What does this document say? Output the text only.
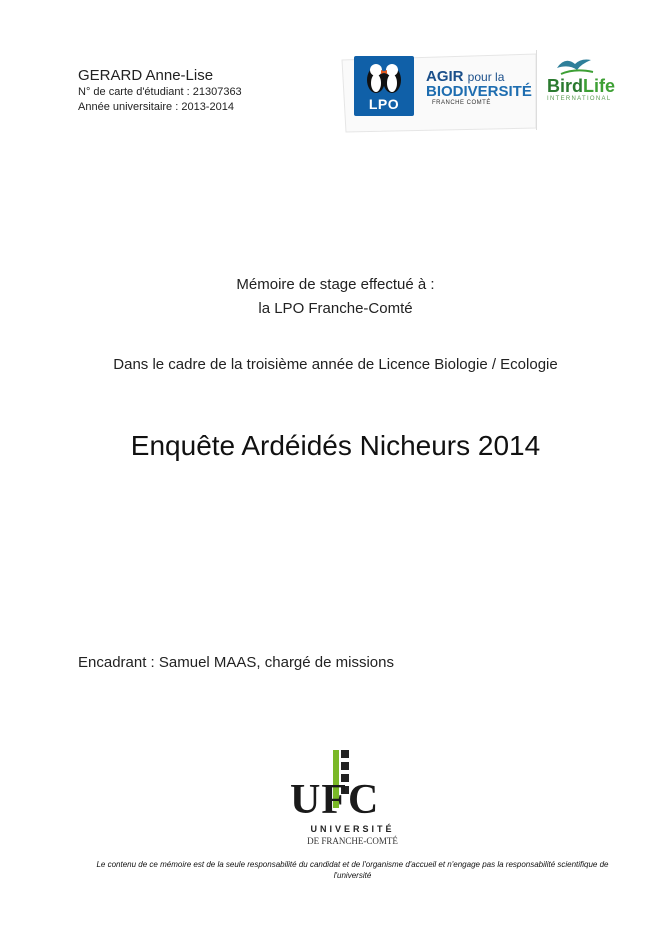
GERARD Anne-Lise
N° de carte d'étudiant : 21307363
Année universitaire : 2013-2014	LPO
AGIR pour la
BIODIVERSITÉ
FRANCHE COMTÉ
BirdLife
INTERNATIONAL
Mémoire de stage effectué à :
la LPO Franche-Comté
Dans le cadre de la troisième année de Licence Biologie / Ecologie
Enquête Ardéidés Nicheurs 2014
Encadrant : Samuel MAAS, chargé de missions
UFC
UNIVERSITÉ
DE FRANCHE-COMTÉ
Le contenu de ce mémoire est de la seule responsabilité du candidat et de l'organisme d'accueil et n'engage pas la responsabilité scientifique de l'université
